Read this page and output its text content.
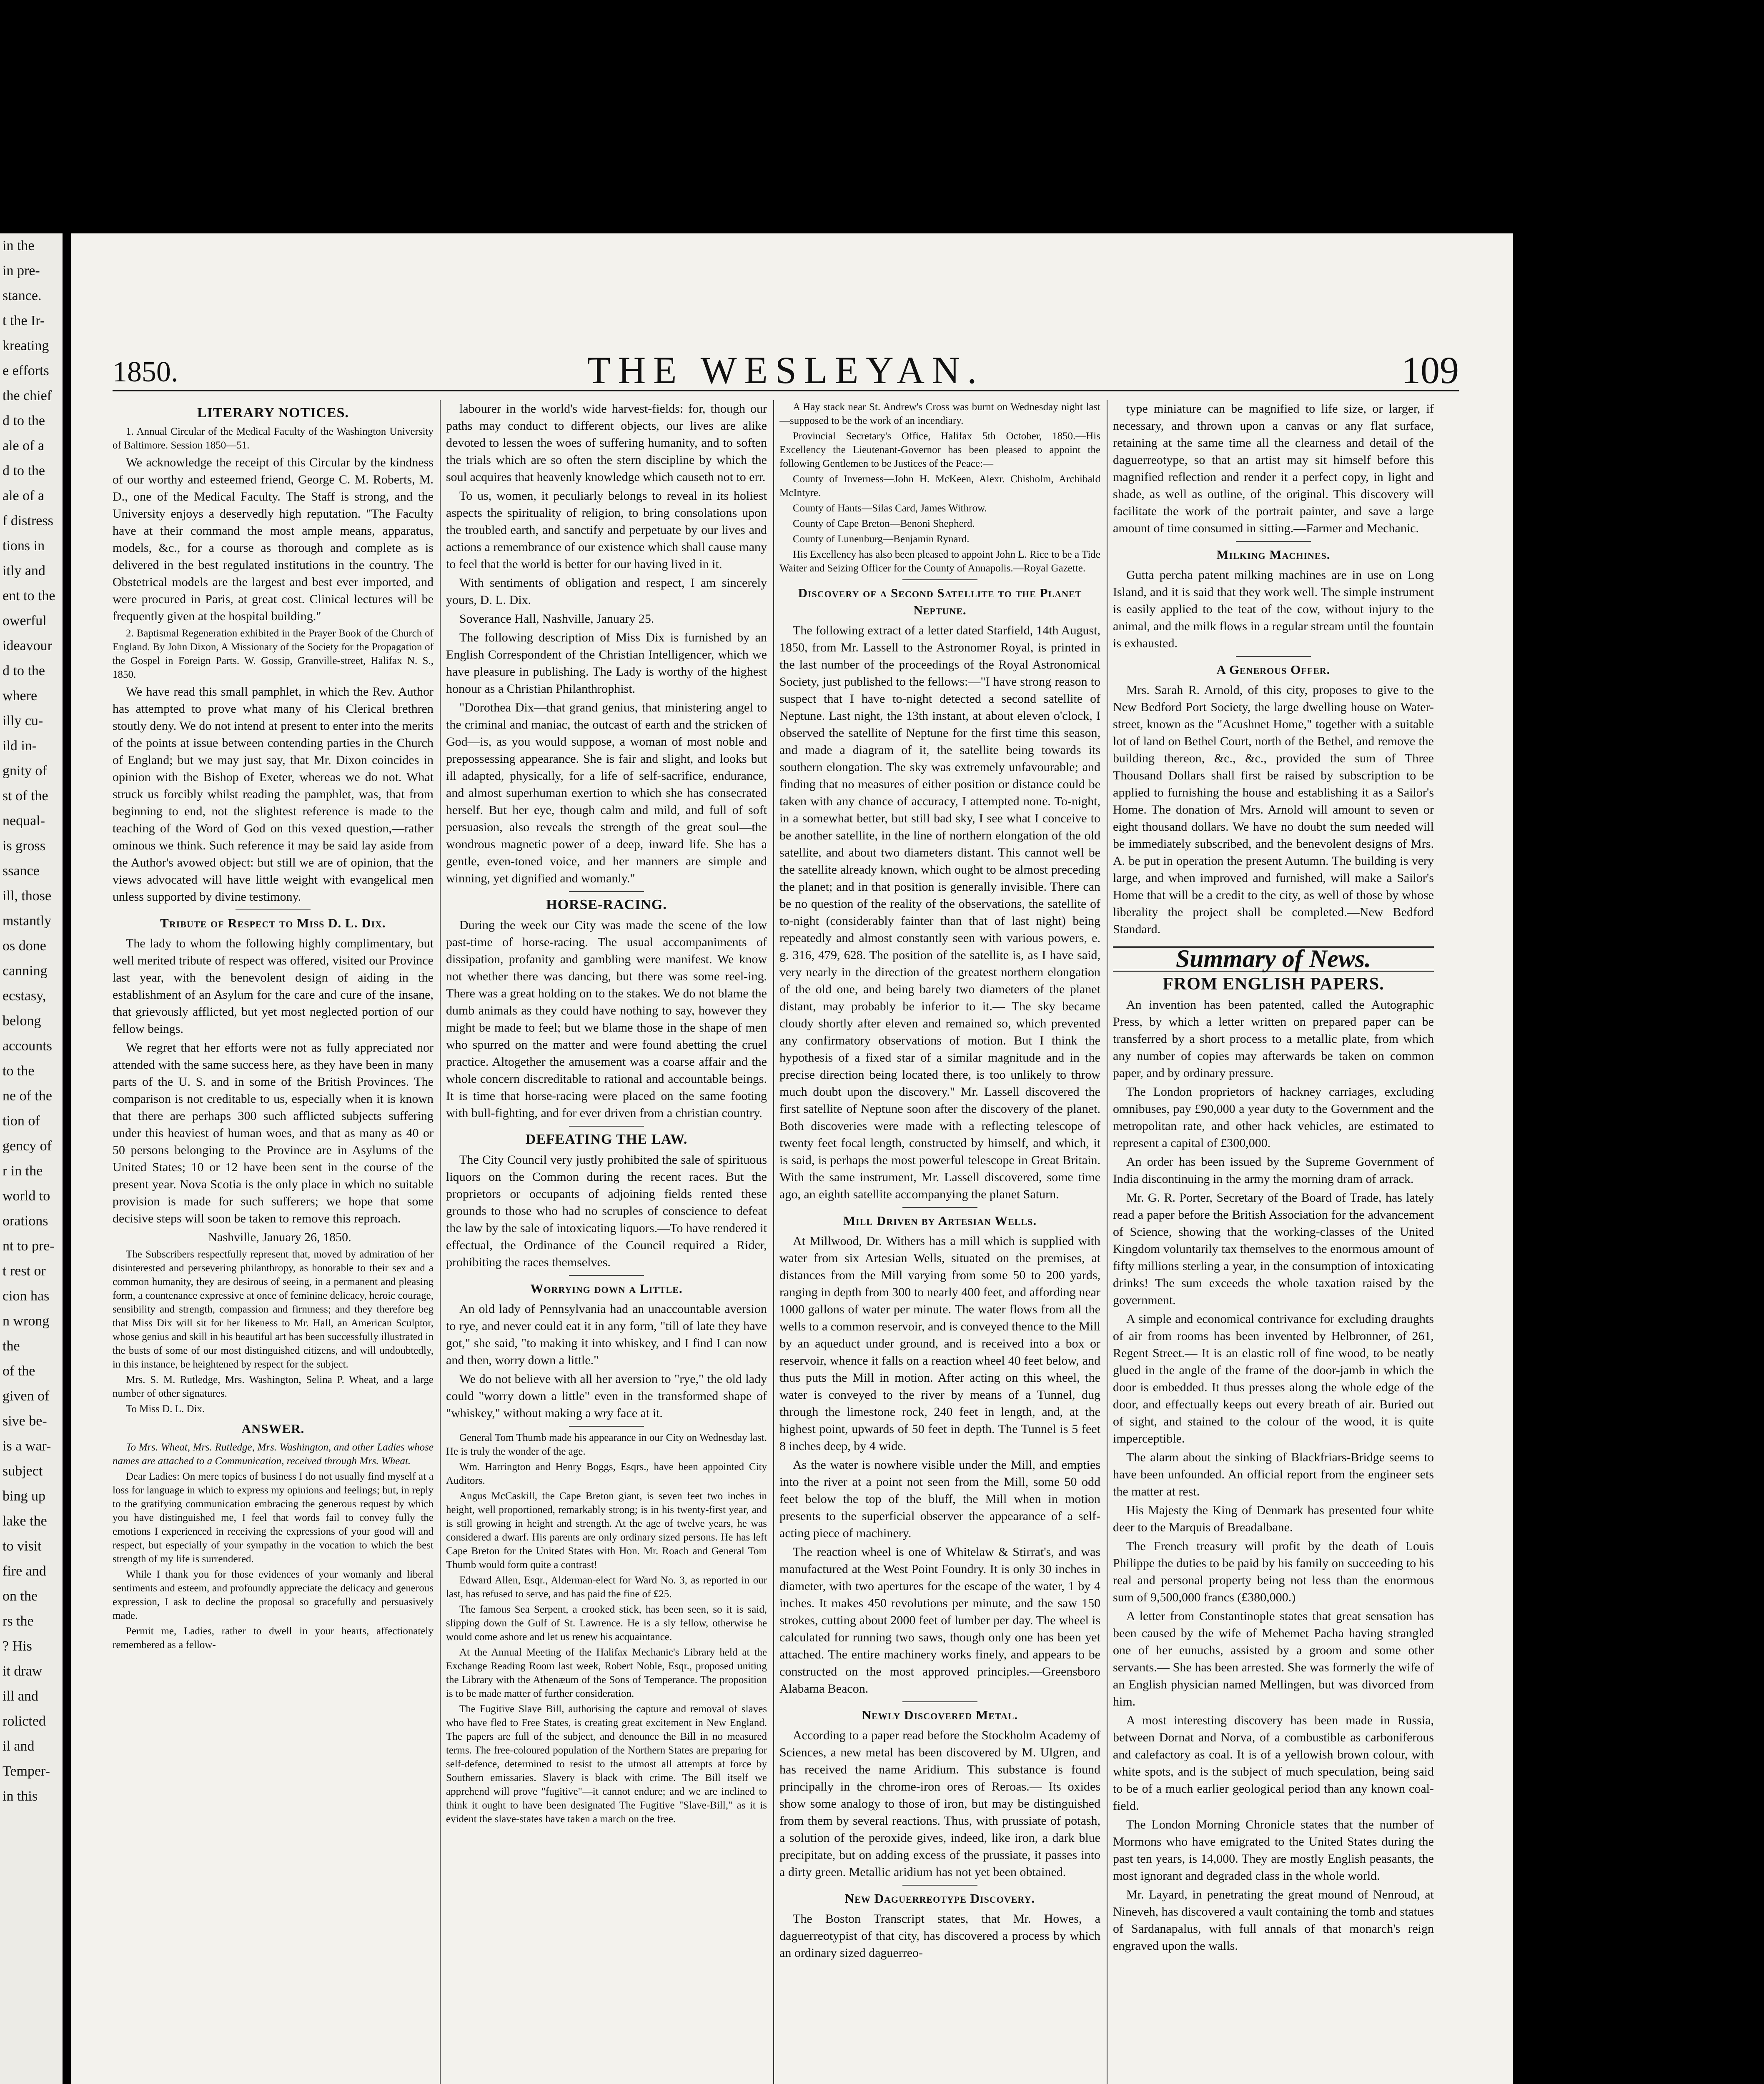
in the
in pre-
stance.
t the Ir-
kreating
e efforts
the chief
d to the
ale of a
d to the
ale of a
f distress
tions in
itly and
ent to the
owerful
ideavour
d to the
where
illy cu-
ild in-
gnity of
st of the
nequal-
is gross
ssance
ill, those
mstantly
os done
canning
ecstasy,
belong
accounts
to the
ne of the
tion of
gency of
r in the
world to
orations
nt to pre-
t rest or
cion has
n wrong
the
of the
given of
sive be-
is a war-
subject
bing up
lake the
to visit
fire and
on the
rs the
? His
it draw
ill and
rolicted
il and
Temper-
in this
1850.	THE WESLEYAN.	109
LITERARY NOTICES.

1. Annual Circular of the Medical Faculty of the Washington University of Baltimore. Session 1850—51.

We acknowledge the receipt of this Circular by the kindness of our worthy and esteemed friend, George C. M. Roberts, M. D., one of the Medical Faculty. The Staff is strong, and the University enjoys a deservedly high reputation. "The Faculty have at their command the most ample means, apparatus, models, &c., for a course as thorough and complete as is delivered in the best regulated institutions in the country. The Obstetrical models are the largest and best ever imported, and were procured in Paris, at great cost. Clinical lectures will be frequently given at the hospital building."

2. Baptismal Regeneration exhibited in the Prayer Book of the Church of England. By John Dixon, A Missionary of the Society for the Propagation of the Gospel in Foreign Parts. W. Gossip, Granville-street, Halifax N. S., 1850.

We have read this small pamphlet, in which the Rev. Author has attempted to prove what many of his Clerical brethren stoutly deny. We do not intend at present to enter into the merits of the points at issue between contending parties in the Church of England; but we may just say, that Mr. Dixon coincides in opinion with the Bishop of Exeter, whereas we do not. What struck us forcibly whilst reading the pamphlet, was, that from beginning to end, not the slightest reference is made to the teaching of the Word of God on this vexed question,—rather ominous we think. Such reference it may be said lay aside from the Author's avowed object: but still we are of opinion, that the views advocated will have little weight with evangelical men unless supported by divine testimony.

Tribute of Respect to Miss D. L. Dix.

The lady to whom the following highly complimentary, but well merited tribute of respect was offered, visited our Province last year, with the benevolent design of aiding in the establishment of an Asylum for the care and cure of the insane, that grievously afflicted, but yet most neglected portion of our fellow beings.

We regret that her efforts were not as fully appreciated nor attended with the same success here, as they have been in many parts of the U. S. and in some of the British Provinces. The comparison is not creditable to us, especially when it is known that there are perhaps 300 such afflicted subjects suffering under this heaviest of human woes, and that as many as 40 or 50 persons belonging to the Province are in Asylums of the United States; 10 or 12 have been sent in the course of the present year. Nova Scotia is the only place in which no suitable provision is made for such sufferers; we hope that some decisive steps will soon be taken to remove this reproach.

Nashville, January 26, 1850.

The Subscribers respectfully represent that, moved by admiration of her disinterested and persevering philanthropy, as honorable to their sex and a common humanity, they are desirous of seeing, in a permanent and pleasing form, a countenance expressive at once of feminine delicacy, heroic courage, sensibility and strength, compassion and firmness; and they therefore beg that Miss Dix will sit for her likeness to Mr. Hall, an American Sculptor, whose genius and skill in his beautiful art has been successfully illustrated in the busts of some of our most distinguished citizens, and will undoubtedly, in this instance, be heightened by respect for the subject.

Mrs. S. M. Rutledge, Mrs. Washington, Selina P. Wheat, and a large number of other signatures.

To Miss D. L. Dix.

ANSWER.

To Mrs. Wheat, Mrs. Rutledge, Mrs. Washington, and other Ladies whose names are attached to a Communication, received through Mrs. Wheat.

Dear Ladies: On mere topics of business I do not usually find myself at a loss for language in which to express my opinions and feelings; but, in reply to the gratifying communication embracing the generous request by which you have distinguished me, I feel that words fail to convey fully the emotions I experienced in receiving the expressions of your good will and respect, but especially of your sympathy in the vocation to which the best strength of my life is surrendered.

While I thank you for those evidences of your womanly and liberal sentiments and esteem, and profoundly appreciate the delicacy and generous expression, I ask to decline the proposal so gracefully and persuasively made.

Permit me, Ladies, rather to dwell in your hearts, affectionately remembered as a fellow-

labourer in the world's wide harvest-fields: for, though our paths may conduct to different objects, our lives are alike devoted to lessen the woes of suffering humanity, and to soften the trials which are so often the stern discipline by which the soul acquires that heavenly knowledge which causeth not to err.

To us, women, it peculiarly belongs to reveal in its holiest aspects the spirituality of religion, to bring consolations upon the troubled earth, and sanctify and perpetuate by our lives and actions a remembrance of our existence which shall cause many to feel that the world is better for our having lived in it.

With sentiments of obligation and respect, I am sincerely yours, D. L. Dix.

Soverance Hall, Nashville, January 25.

The following description of Miss Dix is furnished by an English Correspondent of the Christian Intelligencer, which we have pleasure in publishing. The Lady is worthy of the highest honour as a Christian Philanthrophist.

"Dorothea Dix—that grand genius, that ministering angel to the criminal and maniac, the outcast of earth and the stricken of God—is, as you would suppose, a woman of most noble and prepossessing appearance. She is fair and slight, and looks but ill adapted, physically, for a life of self-sacrifice, endurance, and almost superhuman exertion to which she has consecrated herself. But her eye, though calm and mild, and full of soft persuasion, also reveals the strength of the great soul—the wondrous magnetic power of a deep, inward life. She has a gentle, even-toned voice, and her manners are simple and winning, yet dignified and womanly."

HORSE-RACING.

During the week our City was made the scene of the low past-time of horse-racing. The usual accompaniments of dissipation, profanity and gambling were manifest. We know not whether there was dancing, but there was some reel-ing. There was a great holding on to the stakes. We do not blame the dumb animals as they could have nothing to say, however they might be made to feel; but we blame those in the shape of men who spurred on the matter and were found abetting the cruel practice. Altogether the amusement was a coarse affair and the whole concern discreditable to rational and accountable beings. It is time that horse-racing were placed on the same footing with bull-fighting, and for ever driven from a christian country.

DEFEATING THE LAW.

The City Council very justly prohibited the sale of spirituous liquors on the Common during the recent races. But the proprietors or occupants of adjoining fields rented these grounds to those who had no scruples of conscience to defeat the law by the sale of intoxicating liquors.—To have rendered it effectual, the Ordinance of the Council required a Rider, prohibiting the races themselves.

Worrying down a Little.

An old lady of Pennsylvania had an unaccountable aversion to rye, and never could eat it in any form, "till of late they have got," she said, "to making it into whiskey, and I find I can now and then, worry down a little."

We do not believe with all her aversion to "rye," the old lady could "worry down a little" even in the transformed shape of "whiskey," without making a wry face at it.

General Tom Thumb made his appearance in our City on Wednesday last. He is truly the wonder of the age.

Wm. Harrington and Henry Boggs, Esqrs., have been appointed City Auditors.

Angus McCaskill, the Cape Breton giant, is seven feet two inches in height, well proportioned, remarkably strong; is in his twenty-first year, and is still growing in height and strength. At the age of twelve years, he was considered a dwarf. His parents are only ordinary sized persons. He has left Cape Breton for the United States with Hon. Mr. Roach and General Tom Thumb would form quite a contrast!

Edward Allen, Esqr., Alderman-elect for Ward No. 3, as reported in our last, has refused to serve, and has paid the fine of £25.

The famous Sea Serpent, a crooked stick, has been seen, so it is said, slipping down the Gulf of St. Lawrence. He is a sly fellow, otherwise he would come ashore and let us renew his acquaintance.

At the Annual Meeting of the Halifax Mechanic's Library held at the Exchange Reading Room last week, Robert Noble, Esqr., proposed uniting the Library with the Athenæum of the Sons of Temperance. The proposition is to be made matter of further consideration.

The Fugitive Slave Bill, authorising the capture and removal of slaves who have fled to Free States, is creating great excitement in New England. The papers are full of the subject, and denounce the Bill in no measured terms. The free-coloured population of the Northern States are preparing for self-defence, determined to resist to the utmost all attempts at force by Southern emissaries. Slavery is black with crime. The Bill itself we apprehend will prove "fugitive"—it cannot endure; and we are inclined to think it ought to have been designated The Fugitive "Slave-Bill," as it is evident the slave-states have taken a march on the free.

A Hay stack near St. Andrew's Cross was burnt on Wednesday night last—supposed to be the work of an incendiary.

Provincial Secretary's Office, Halifax 5th October, 1850.—His Excellency the Lieutenant-Governor has been pleased to appoint the following Gentlemen to be Justices of the Peace:—

County of Inverness—John H. McKeen, Alexr. Chisholm, Archibald McIntyre.

County of Hants—Silas Card, James Withrow.

County of Cape Breton—Benoni Shepherd.

County of Lunenburg—Benjamin Rynard.

His Excellency has also been pleased to appoint John L. Rice to be a Tide Waiter and Seizing Officer for the County of Annapolis.—Royal Gazette.

Discovery of a Second Satellite to the Planet Neptune.

The following extract of a letter dated Starfield, 14th August, 1850, from Mr. Lassell to the Astronomer Royal, is printed in the last number of the proceedings of the Royal Astronomical Society, just published to the fellows:—"I have strong reason to suspect that I have to-night detected a second satellite of Neptune. Last night, the 13th instant, at about eleven o'clock, I observed the satellite of Neptune for the first time this season, and made a diagram of it, the satellite being towards its southern elongation. The sky was extremely unfavourable; and finding that no measures of either position or distance could be taken with any chance of accuracy, I attempted none. To-night, in a somewhat better, but still bad sky, I see what I conceive to be another satellite, in the line of northern elongation of the old satellite, and about two diameters distant. This cannot well be the satellite already known, which ought to be almost preceding the planet; and in that position is generally invisible. There can be no question of the reality of the observations, the satellite of to-night (considerably fainter than that of last night) being repeatedly and almost constantly seen with various powers, e. g. 316, 479, 628. The position of the satellite is, as I have said, very nearly in the direction of the greatest northern elongation of the old one, and being barely two diameters of the planet distant, may probably be inferior to it.— The sky became cloudy shortly after eleven and remained so, which prevented any confirmatory observations of motion. But I think the hypothesis of a fixed star of a similar magnitude and in the precise direction being located there, is too unlikely to throw much doubt upon the discovery." Mr. Lassell discovered the first satellite of Neptune soon after the discovery of the planet. Both discoveries were made with a reflecting telescope of twenty feet focal length, constructed by himself, and which, it is said, is perhaps the most powerful telescope in Great Britain. With the same instrument, Mr. Lassell discovered, some time ago, an eighth satellite accompanying the planet Saturn.

Mill Driven by Artesian Wells.

At Millwood, Dr. Withers has a mill which is supplied with water from six Artesian Wells, situated on the premises, at distances from the Mill varying from some 50 to 200 yards, ranging in depth from 300 to nearly 400 feet, and affording near 1000 gallons of water per minute. The water flows from all the wells to a common reservoir, and is conveyed thence to the Mill by an aqueduct under ground, and is received into a box or reservoir, whence it falls on a reaction wheel 40 feet below, and thus puts the Mill in motion. After acting on this wheel, the water is conveyed to the river by means of a Tunnel, dug through the limestone rock, 240 feet in length, and, at the highest point, upwards of 50 feet in depth. The Tunnel is 5 feet 8 inches deep, by 4 wide.

As the water is nowhere visible under the Mill, and empties into the river at a point not seen from the Mill, some 50 odd feet below the top of the bluff, the Mill when in motion presents to the superficial observer the appearance of a self-acting piece of machinery.

The reaction wheel is one of Whitelaw & Stirrat's, and was manufactured at the West Point Foundry. It is only 30 inches in diameter, with two apertures for the escape of the water, 1 by 4 inches. It makes 450 revolutions per minute, and the saw 150 strokes, cutting about 2000 feet of lumber per day. The wheel is calculated for running two saws, though only one has been yet attached. The entire machinery works finely, and appears to be constructed on the most approved principles.—Greensboro Alabama Beacon.

Newly Discovered Metal.

According to a paper read before the Stockholm Academy of Sciences, a new metal has been discovered by M. Ulgren, and has received the name Aridium. This substance is found principally in the chrome-iron ores of Reroas.— Its oxides show some analogy to those of iron, but may be distinguished from them by several reactions. Thus, with prussiate of potash, a solution of the peroxide gives, indeed, like iron, a dark blue precipitate, but on adding excess of the prussiate, it passes into a dirty green. Metallic aridium has not yet been obtained.

New Daguerreotype Discovery.

The Boston Transcript states, that Mr. Howes, a daguerreotypist of that city, has discovered a process by which an ordinary sized daguerreo-

type miniature can be magnified to life size, or larger, if necessary, and thrown upon a canvas or any flat surface, retaining at the same time all the clearness and detail of the daguerreotype, so that an artist may sit himself before this magnified reflection and render it a perfect copy, in light and shade, as well as outline, of the original. This discovery will facilitate the work of the portrait painter, and save a large amount of time consumed in sitting.—Farmer and Mechanic.

Milking Machines.

Gutta percha patent milking machines are in use on Long Island, and it is said that they work well. The simple instrument is easily applied to the teat of the cow, without injury to the animal, and the milk flows in a regular stream until the fountain is exhausted.

A Generous Offer.

Mrs. Sarah R. Arnold, of this city, proposes to give to the New Bedford Port Society, the large dwelling house on Water-street, known as the "Acushnet Home," together with a suitable lot of land on Bethel Court, north of the Bethel, and remove the building thereon, &c., &c., provided the sum of Three Thousand Dollars shall first be raised by subscription to be applied to furnishing the house and establishing it as a Sailor's Home. The donation of Mrs. Arnold will amount to seven or eight thousand dollars. We have no doubt the sum needed will be immediately subscribed, and the benevolent designs of Mrs. A. be put in operation the present Autumn. The building is very large, and when improved and furnished, will make a Sailor's Home that will be a credit to the city, as well of those by whose liberality the project shall be completed.—New Bedford Standard.

Summary of News.
FROM ENGLISH PAPERS.

An invention has been patented, called the Autographic Press, by which a letter written on prepared paper can be transferred by a short process to a metallic plate, from which any number of copies may afterwards be taken on common paper, and by ordinary pressure.

The London proprietors of hackney carriages, excluding omnibuses, pay £90,000 a year duty to the Government and the metropolitan rate, and other hack vehicles, are estimated to represent a capital of £300,000.

An order has been issued by the Supreme Government of India discontinuing in the army the morning dram of arrack.

Mr. G. R. Porter, Secretary of the Board of Trade, has lately read a paper before the British Association for the advancement of Science, showing that the working-classes of the United Kingdom voluntarily tax themselves to the enormous amount of fifty millions sterling a year, in the consumption of intoxicating drinks! The sum exceeds the whole taxation raised by the government.

A simple and economical contrivance for excluding draughts of air from rooms has been invented by Helbronner, of 261, Regent Street.— It is an elastic roll of fine wood, to be neatly glued in the angle of the frame of the door-jamb in which the door is embedded. It thus presses along the whole edge of the door, and effectually keeps out every breath of air. Buried out of sight, and stained to the colour of the wood, it is quite imperceptible.

The alarm about the sinking of Blackfriars-Bridge seems to have been unfounded. An official report from the engineer sets the matter at rest.

His Majesty the King of Denmark has presented four white deer to the Marquis of Breadalbane.

The French treasury will profit by the death of Louis Philippe the duties to be paid by his family on succeeding to his real and personal property being not less than the enormous sum of 9,500,000 francs (£380,000.)

A letter from Constantinople states that great sensation has been caused by the wife of Mehemet Pacha having strangled one of her eunuchs, assisted by a groom and some other servants.— She has been arrested. She was formerly the wife of an English physician named Mellingen, but was divorced from him.

A most interesting discovery has been made in Russia, between Dornat and Norva, of a combustible as carboniferous and calefactory as coal. It is of a yellowish brown colour, with white spots, and is the subject of much speculation, being said to be of a much earlier geological period than any known coal-field.

The London Morning Chronicle states that the number of Mormons who have emigrated to the United States during the past ten years, is 14,000. They are mostly English peasants, the most ignorant and degraded class in the whole world.

Mr. Layard, in penetrating the great mound of Nenroud, at Nineveh, has discovered a vault containing the tomb and statues of Sardanapalus, with full annals of that monarch's reign engraved upon the walls.
